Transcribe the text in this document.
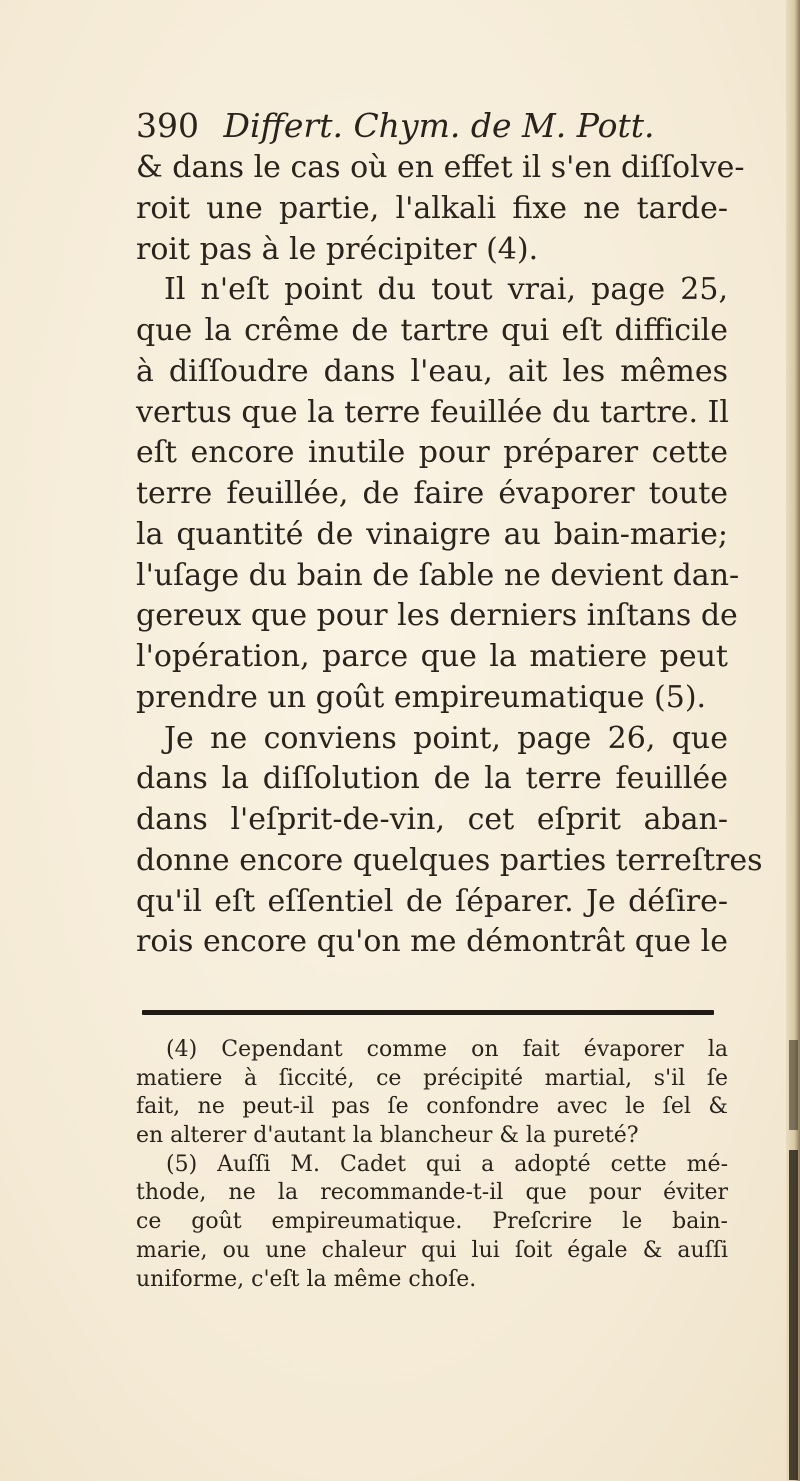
390 Differt. Chym. de M. Pott.
& dans le cas où en effet il s'en diſſolve-
roit une partie, l'alkali fixe ne tarde-
roit pas à le précipiter (4).
Il n'eſt point du tout vrai, page 25,
que la crême de tartre qui eſt difficile
à diſſoudre dans l'eau, ait les mêmes
vertus que la terre feuillée du tartre. Il
eſt encore inutile pour préparer cette
terre feuillée, de faire évaporer toute
la quantité de vinaigre au bain-marie;
l'uſage du bain de ſable ne devient dan-
gereux que pour les derniers inſtans de
l'opération, parce que la matiere peut
prendre un goût empireumatique (5).
Je ne conviens point, page 26, que
dans la diſſolution de la terre feuillée
dans l'eſprit-de-vin, cet eſprit aban-
donne encore quelques parties terreſtres
qu'il eſt eſſentiel de ſéparer. Je déſire-
rois encore qu'on me démontrât que le
(4) Cependant comme on fait évaporer la
matiere à ſiccité, ce précipité martial, s'il ſe
fait, ne peut-il pas ſe confondre avec le ſel &
en alterer d'autant la blancheur & la pureté?
(5) Auſſi M. Cadet qui a adopté cette mé-
thode, ne la recommande-t-il que pour éviter
ce goût empireumatique. Preſcrire le bain-
marie, ou une chaleur qui lui ſoit égale & auſſi
uniforme, c'eſt la même choſe.
